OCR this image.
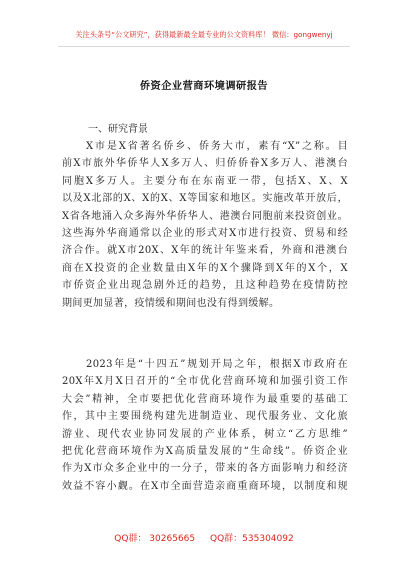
关注头条号“公文研究”，获得最新最全最专业的公文资料库！ 微信：gongwenyj
侨资企业营商环境调研报告
一、研究背景
X市是X省著名侨乡、侨务大市，素有“X”之称。目
前X市旅外华侨华人X多万人、归侨侨眷X多万人、港澳台
同胞X多万人。主要分布在东南亚一带，包括X、X、X
以及X北部的X、X的X、X等国家和地区。实施改革开放后，
X省各地涌入众多海外华侨华人、港澳台同胞前来投资创业。
这些海外华商通常以企业的形式对X市进行投资、贸易和经
济合作。就X市20X、X年的统计年鉴来看，外商和港澳台
商在X投资的企业数量由X年的X个骤降到X年的X个，X
市侨资企业出现急剧外迁的趋势，且这种趋势在疫情防控
期间更加显著，疫情缓和期间也没有得到缓解。
2023年是“十四五”规划开局之年，根据X市政府在
20X年X月X日召开的“全市优化营商环境和加强引资工作
大会”精神，全市要把优化营商环境作为最重要的基础工
作，其中主要围绕构建先进制造业、现代服务业、文化旅
游业、现代农业协同发展的产业体系，树立“乙方思维”
把优化营商环境作为X高质量发展的“生命线”。侨资企业
作为X市众多企业中的一分子，带来的各方面影响力和经济
效益不容小觑。在X市全面营造亲商重商环境，以制度和规
QQ群： 30265665 QQ群：535304092
